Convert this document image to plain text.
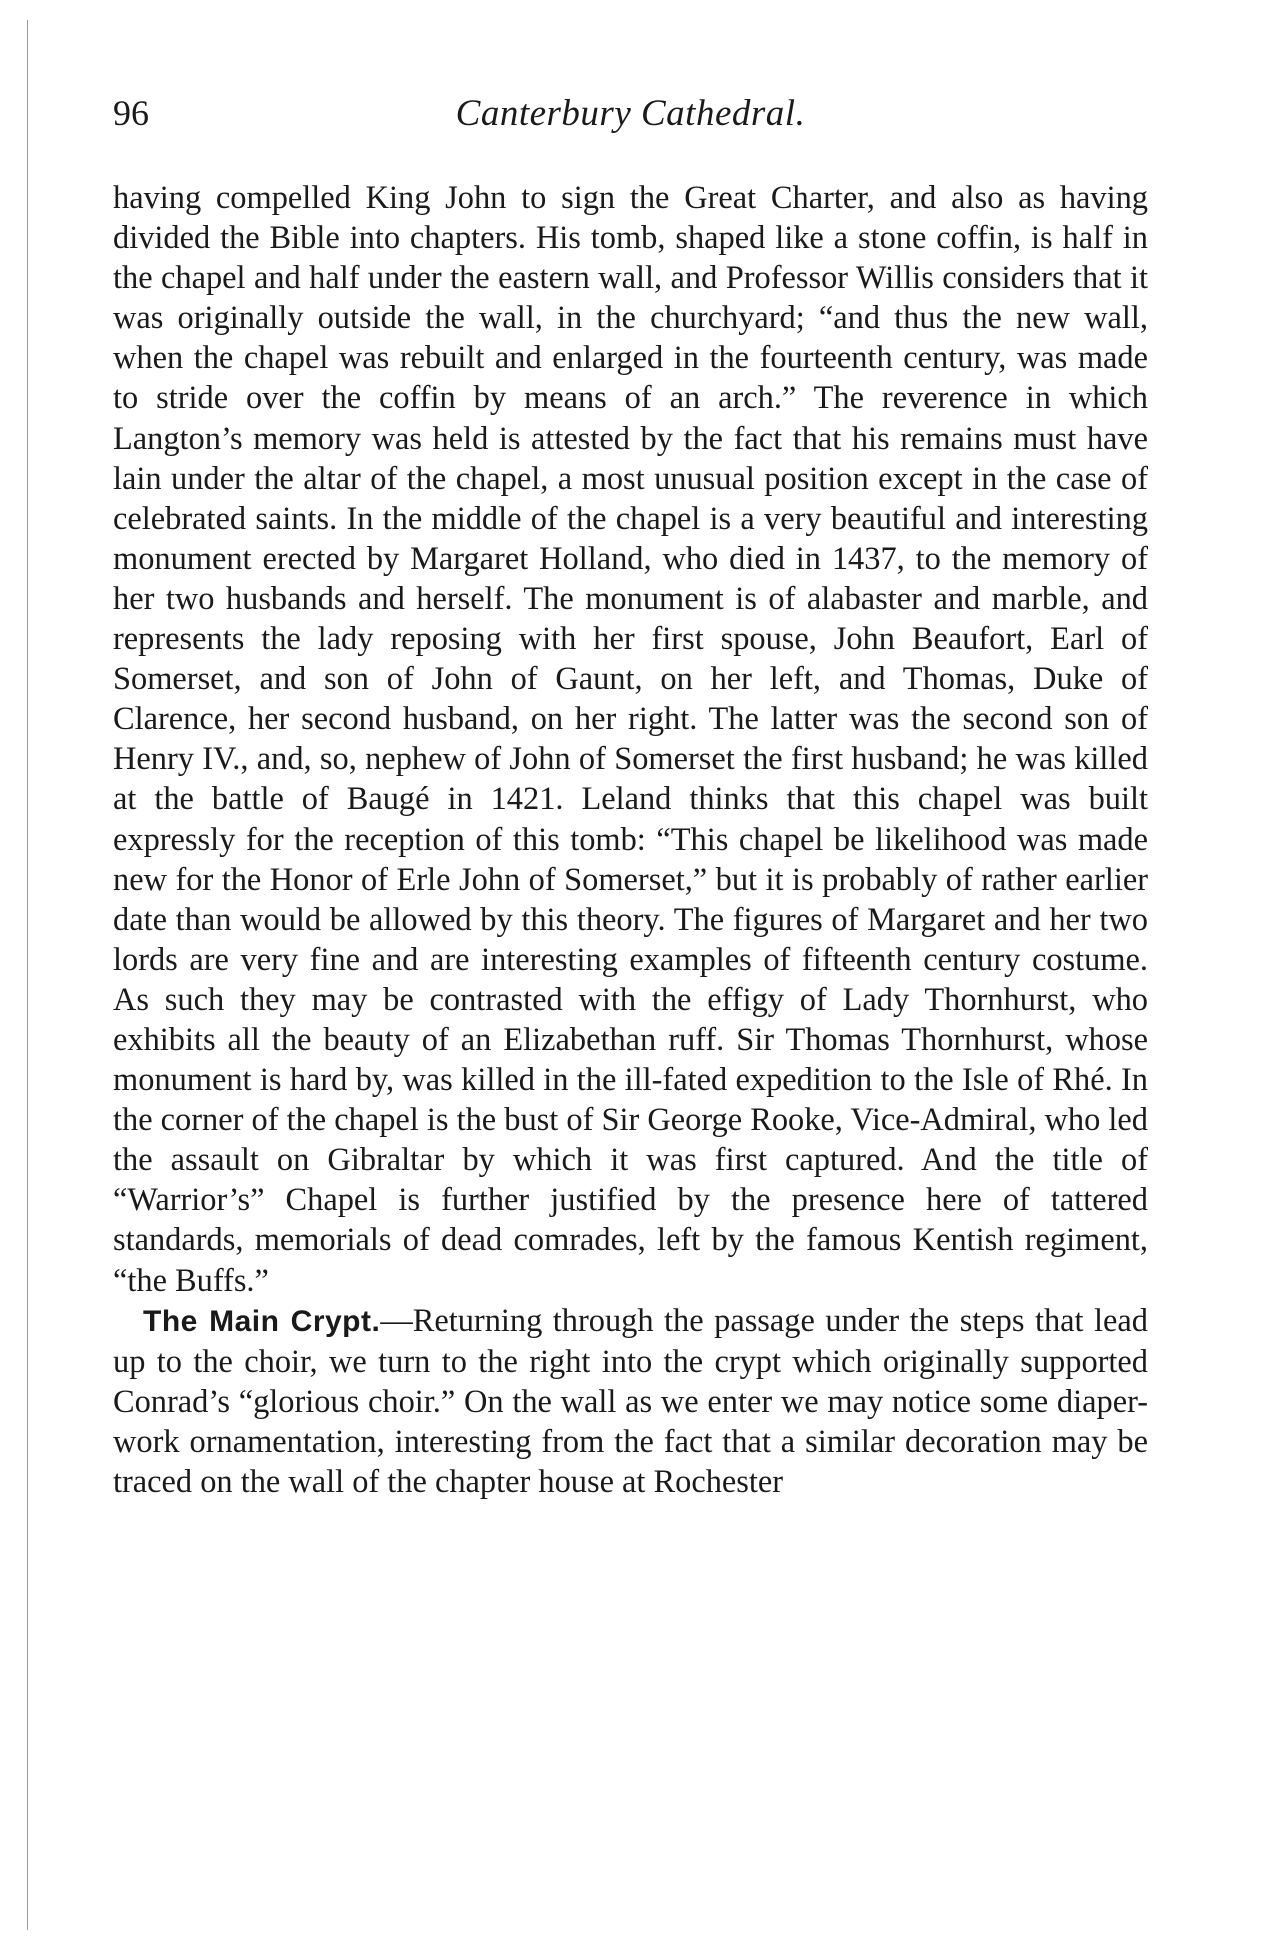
96	Canterbury Cathedral.

having compelled King John to sign the Great Charter, and also as having divided the Bible into chapters. His tomb, shaped like a stone coffin, is half in the chapel and half under the eastern wall, and Professor Willis considers that it was originally outside the wall, in the churchyard; “and thus the new wall, when the chapel was rebuilt and enlarged in the fourteenth century, was made to stride over the coffin by means of an arch.” The reverence in which Langton’s memory was held is attested by the fact that his remains must have lain under the altar of the chapel, a most unusual position except in the case of celebrated saints. In the middle of the chapel is a very beautiful and interesting monument erected by Margaret Holland, who died in 1437, to the memory of her two husbands and herself. The monument is of alabaster and marble, and represents the lady reposing with her first spouse, John Beaufort, Earl of Somerset, and son of John of Gaunt, on her left, and Thomas, Duke of Clarence, her second husband, on her right. The latter was the second son of Henry IV., and, so, nephew of John of Somerset the first husband; he was killed at the battle of Baugé in 1421. Leland thinks that this chapel was built expressly for the reception of this tomb: “This chapel be likelihood was made new for the Honor of Erle John of Somerset,” but it is probably of rather earlier date than would be allowed by this theory. The figures of Margaret and her two lords are very fine and are interesting examples of fifteenth century costume. As such they may be contrasted with the effigy of Lady Thornhurst, who exhibits all the beauty of an Elizabethan ruff. Sir Thomas Thornhurst, whose monument is hard by, was killed in the ill-fated expedition to the Isle of Rhé. In the corner of the chapel is the bust of Sir George Rooke, Vice-Admiral, who led the assault on Gibraltar by which it was first captured. And the title of “Warrior’s” Chapel is further justified by the presence here of tattered standards, memorials of dead comrades, left by the famous Kentish regiment, “the Buffs.”

The Main Crypt.—Returning through the passage under the steps that lead up to the choir, we turn to the right into the crypt which originally supported Conrad’s “glorious choir.” On the wall as we enter we may notice some diaper-work ornamentation, interesting from the fact that a similar decoration may be traced on the wall of the chapter house at Rochester
